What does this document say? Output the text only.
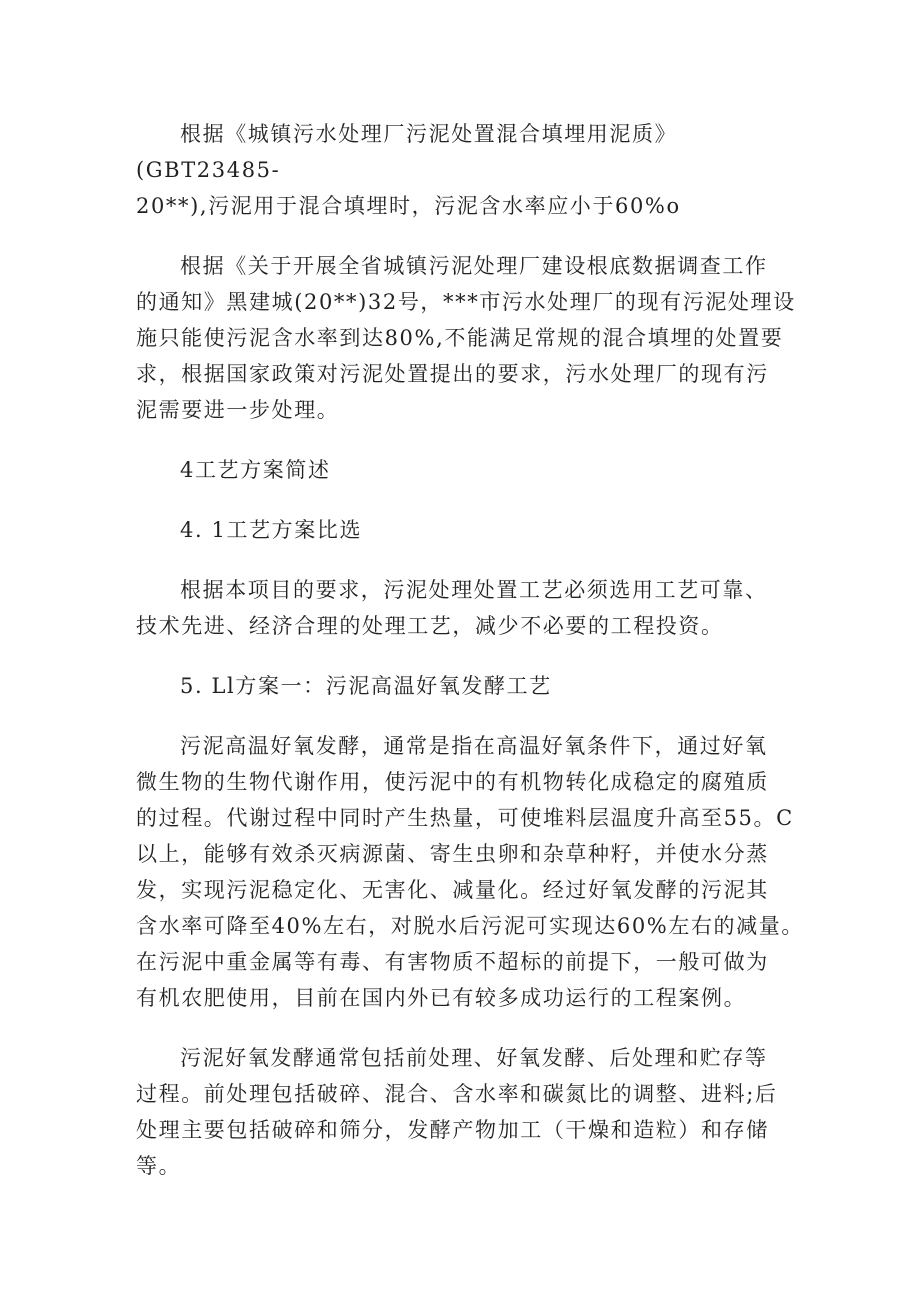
根据《城镇污水处理厂污泥处置混合填埋用泥质》(GBT23485-
20**),污泥用于混合填埋时，污泥含水率应小于60%o
根据《关于开展全省城镇污泥处理厂建设根底数据调查工作
的通知》黑建城(20**)32号，***市污水处理厂的现有污泥处理设
施只能使污泥含水率到达80%,不能满足常规的混合填埋的处置要
求，根据国家政策对污泥处置提出的要求，污水处理厂的现有污
泥需要进一步处理。
4工艺方案简述
4. 1工艺方案比选
根据本项目的要求，污泥处理处置工艺必须选用工艺可靠、
技术先进、经济合理的处理工艺，减少不必要的工程投资。
5. Ll方案一：污泥高温好氧发酵工艺
污泥高温好氧发酵，通常是指在高温好氧条件下，通过好氧
微生物的生物代谢作用，使污泥中的有机物转化成稳定的腐殖质
的过程。代谢过程中同时产生热量，可使堆料层温度升高至55。C
以上，能够有效杀灭病源菌、寄生虫卵和杂草种籽，并使水分蒸
发，实现污泥稳定化、无害化、减量化。经过好氧发酵的污泥其
含水率可降至40%左右，对脱水后污泥可实现达60%左右的减量。
在污泥中重金属等有毒、有害物质不超标的前提下，一般可做为
有机农肥使用，目前在国内外已有较多成功运行的工程案例。
污泥好氧发酵通常包括前处理、好氧发酵、后处理和贮存等
过程。前处理包括破碎、混合、含水率和碳氮比的调整、进料;后
处理主要包括破碎和筛分，发酵产物加工（干燥和造粒）和存储
等。
